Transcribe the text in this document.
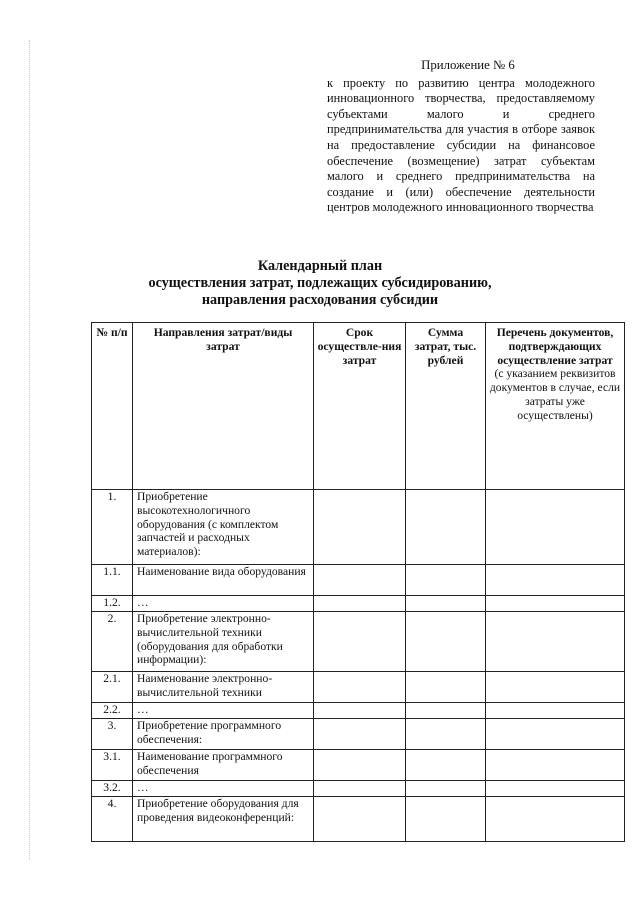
Приложение № 6
к проекту по развитию центра молодежного инновационного творчества, предоставляемому субъектами малого и среднего предпринимательства для участия в отборе заявок на предоставление субсидии на финансовое обеспечение (возмещение) затрат субъектам малого и среднего предпринимательства на создание и (или) обеспечение деятельности центров молодежного инновационного творчества
Календарный план
осуществления затрат, подлежащих субсидированию,
направления расходования субсидии
№ п/п	Направления затрат/виды затрат	Срок осуществле-ния затрат	Сумма затрат, тыс. рублей	Перечень документов, подтверждающих осуществление затрат
(с указанием реквизитов документов в случае, если затраты уже осуществлены)
1.	Приобретение высокотехнологичного оборудования (с комплектом запчастей и расходных материалов):			
1.1.	Наименование вида оборудования			
1.2.	…			
2.	Приобретение электронно-вычислительной техники (оборудования для обработки информации):			
2.1.	Наименование электронно-вычислительной техники			
2.2.	…			
3.	Приобретение программного обеспечения:			
3.1.	Наименование программного обеспечения			
3.2.	…			
4.	Приобретение оборудования для проведения видеоконференций:			
